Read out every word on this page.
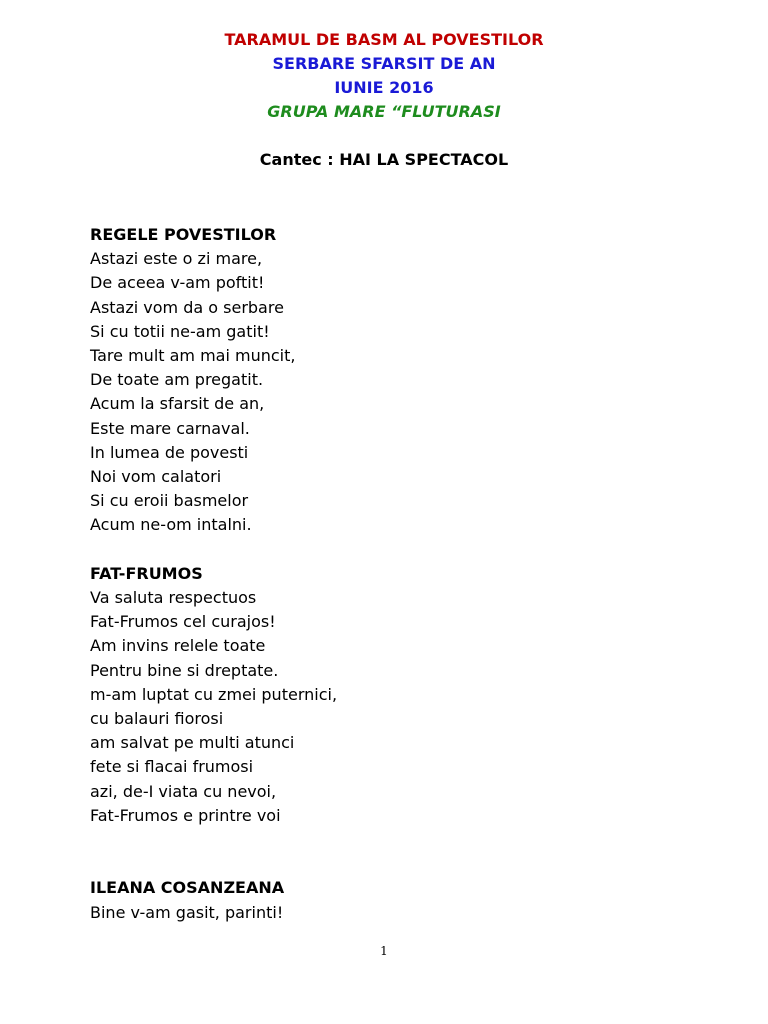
TARAMUL DE BASM AL POVESTILOR
SERBARE SFARSIT DE AN
IUNIE 2016
GRUPA MARE “FLUTURASI
Cantec : HAI LA SPECTACOL
REGELE POVESTILOR
Astazi este o zi mare,
De aceea v-am poftit!
Astazi vom da o serbare
Si cu totii ne-am gatit!
Tare mult am mai muncit,
De toate am pregatit.
Acum la sfarsit de an,
Este mare carnaval.
In lumea de povesti
Noi vom calatori
Si cu eroii basmelor
Acum ne-om intalni.
FAT-FRUMOS
Va saluta respectuos
Fat-Frumos cel curajos!
Am invins relele toate
Pentru bine si dreptate.
m-am luptat cu zmei puternici,
cu balauri fiorosi
am salvat pe multi atunci
fete si flacai frumosi
azi, de-I viata cu nevoi,
Fat-Frumos e printre voi
ILEANA COSANZEANA
Bine v-am gasit, parinti!
1
